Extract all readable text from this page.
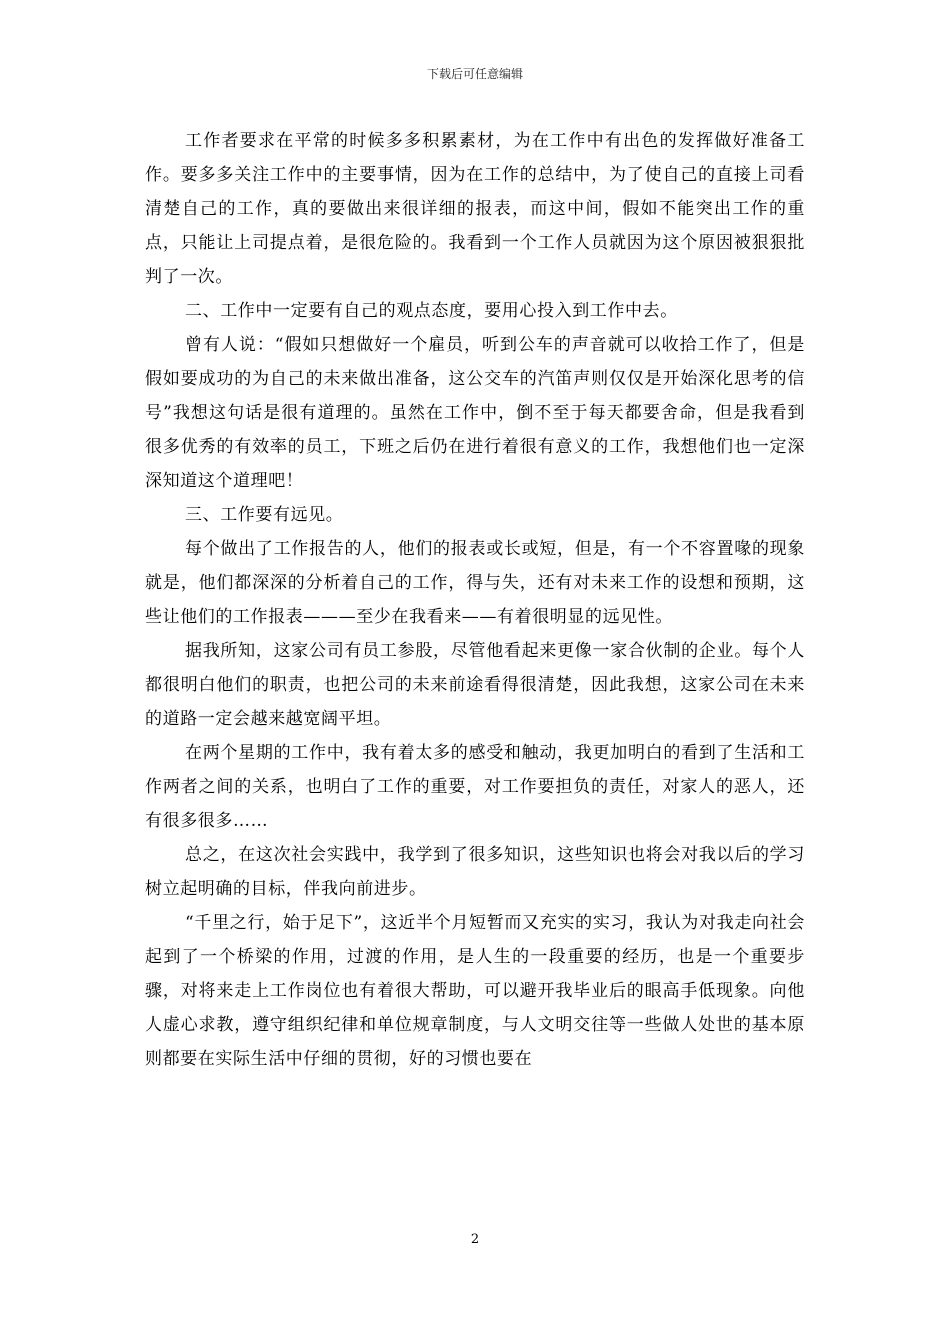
下载后可任意编辑

工作者要求在平常的时候多多积累素材，为在工作中有出色的发挥做好准备工作。要多多关注工作中的主要事情，因为在工作的总结中，为了使自己的直接上司看清楚自己的工作，真的要做出来很详细的报表，而这中间，假如不能突出工作的重点，只能让上司提点着，是很危险的。我看到一个工作人员就因为这个原因被狠狠批判了一次。

二、工作中一定要有自己的观点态度，要用心投入到工作中去。

曾有人说：“假如只想做好一个雇员，听到公车的声音就可以收拾工作了，但是假如要成功的为自己的未来做出准备，这公交车的汽笛声则仅仅是开始深化思考的信号”我想这句话是很有道理的。虽然在工作中，倒不至于每天都要舍命，但是我看到很多优秀的有效率的员工，下班之后仍在进行着很有意义的工作，我想他们也一定深深知道这个道理吧！

三、工作要有远见。

每个做出了工作报告的人，他们的报表或长或短，但是，有一个不容置喙的现象就是，他们都深深的分析着自己的工作，得与失，还有对未来工作的设想和预期，这些让他们的工作报表———至少在我看来——有着很明显的远见性。

据我所知，这家公司有员工参股，尽管他看起来更像一家合伙制的企业。每个人都很明白他们的职责，也把公司的未来前途看得很清楚，因此我想，这家公司在未来的道路一定会越来越宽阔平坦。

在两个星期的工作中，我有着太多的感受和触动，我更加明白的看到了生活和工作两者之间的关系，也明白了工作的重要，对工作要担负的责任，对家人的恶人，还有很多很多……

总之，在这次社会实践中，我学到了很多知识，这些知识也将会对我以后的学习树立起明确的目标，伴我向前进步。

“千里之行，始于足下”，这近半个月短暂而又充实的实习，我认为对我走向社会起到了一个桥梁的作用，过渡的作用，是人生的一段重要的经历，也是一个重要步骤，对将来走上工作岗位也有着很大帮助，可以避开我毕业后的眼高手低现象。向他人虚心求教，遵守组织纪律和单位规章制度，与人文明交往等一些做人处世的基本原则都要在实际生活中仔细的贯彻，好的习惯也要在

2
